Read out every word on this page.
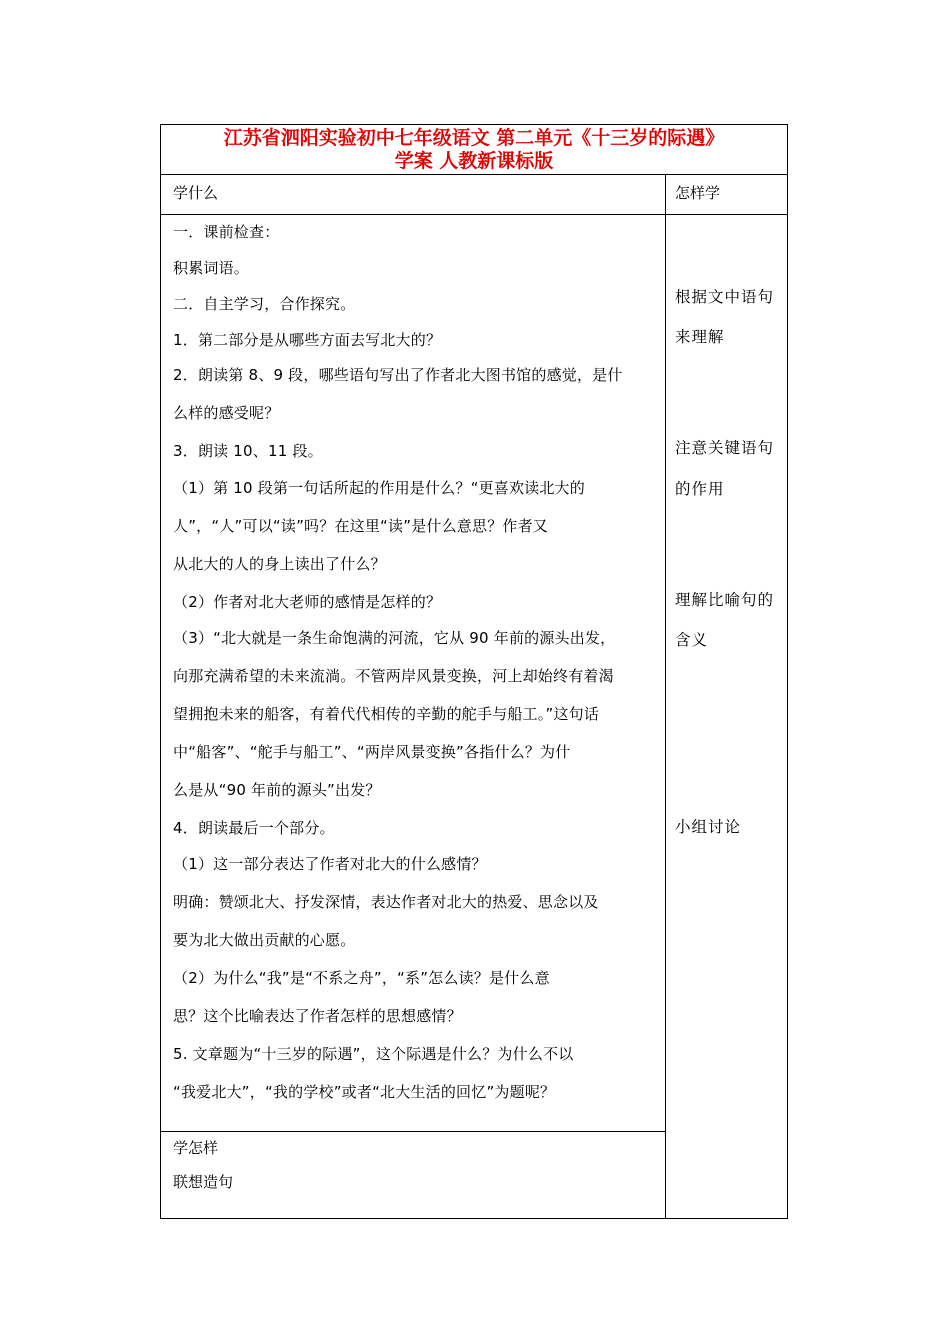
江苏省泗阳实验初中七年级语文 第二单元《十三岁的际遇》
学案 人教新课标版
学什么	怎样学
一．课前检查：
积累词语。
二．自主学习，合作探究。
1．第二部分是从哪些方面去写北大的？
2．朗读第 8、9 段，哪些语句写出了作者北大图书馆的感觉，是什
么样的感受呢？
3．朗读 10、11 段。
（1）第 10 段第一句话所起的作用是什么？“更喜欢读北大的
人”，“人”可以“读”吗？在这里“读”是什么意思？作者又
从北大的人的身上读出了什么？
（2）作者对北大老师的感情是怎样的？
（3）“北大就是一条生命饱满的河流，它从 90 年前的源头出发，
向那充满希望的未来流淌。不管两岸风景变换，河上却始终有着渴
望拥抱未来的船客，有着代代相传的辛勤的舵手与船工。”这句话
中“船客”、“舵手与船工”、“两岸风景变换”各指什么？为什
么是从“90 年前的源头”出发？
4．朗读最后一个部分。
（1）这一部分表达了作者对北大的什么感情？
明确：赞颂北大、抒发深情，表达作者对北大的热爱、思念以及
要为北大做出贡献的心愿。
（2）为什么“我”是“不系之舟”，“系”怎么读？是什么意
思？这个比喻表达了作者怎样的思想感情？
5. 文章题为“十三岁的际遇”，这个际遇是什么？为什么不以
“我爱北大”，“我的学校”或者“北大生活的回忆”为题呢？
根据文中语句
来理解
注意关键语句
的作用
理解比喻句的
含义
小组讨论
学怎样
联想造句
